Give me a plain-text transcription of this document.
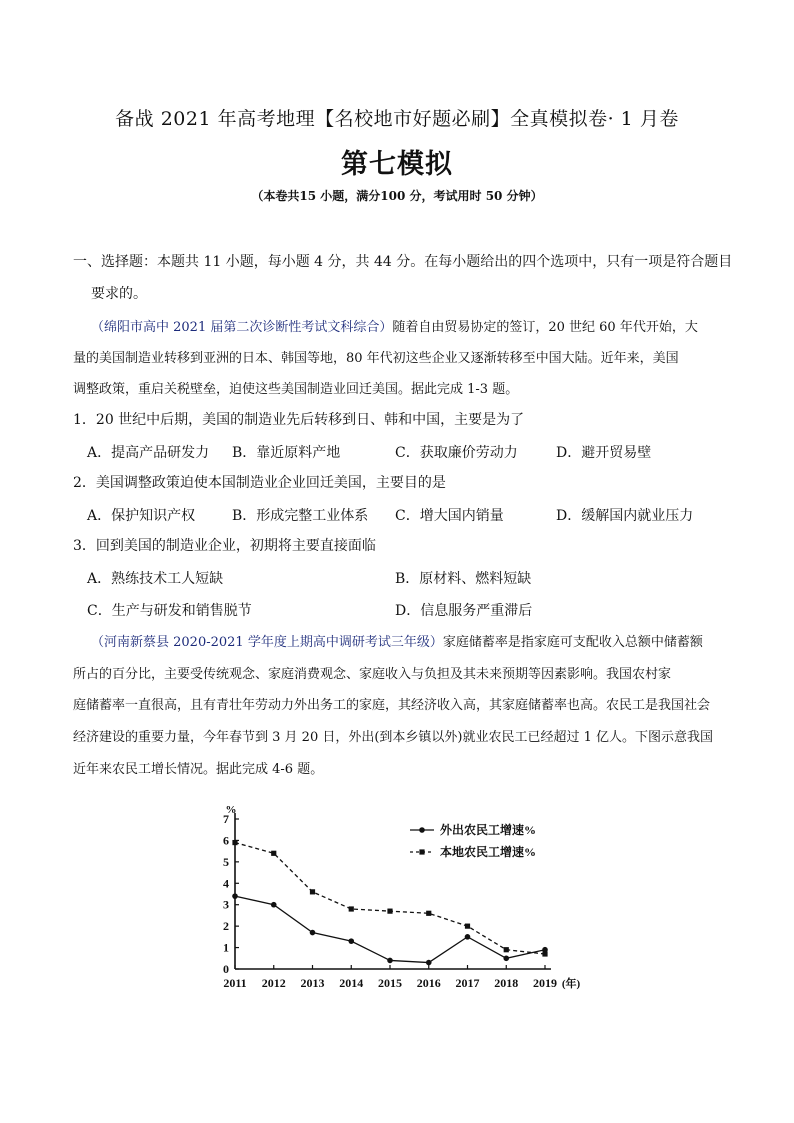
备战 2021 年高考地理【名校地市好题必刷】全真模拟卷· 1 月卷
第七模拟
（本卷共15 小题，满分100 分，考试用时 50 分钟）
一、选择题：本题共 11 小题，每小题 4 分，共 44 分。在每小题给出的四个选项中，只有一项是符合题目
要求的。
（绵阳市高中 2021 届第二次诊断性考试文科综合）随着自由贸易协定的签订，20 世纪 60 年代开始，大
量的美国制造业转移到亚洲的日本、韩国等地，80 年代初这些企业又逐渐转移至中国大陆。近年来，美国
调整政策，重启关税壁垒，迫使这些美国制造业回迁美国。据此完成 1-3 题。
1．20 世纪中后期，美国的制造业先后转移到日、韩和中国，主要是为了
A．提高产品研发力 B．靠近原料产地	C．获取廉价劳动力	D．避开贸易壁
2．美国调整政策迫使本国制造业企业回迁美国，主要目的是
A．保护知识产权	B．形成完整工业体系 C．增大国内销量	D．缓解国内就业压力
3．回到美国的制造业企业，初期将主要直接面临
A．熟练技术工人短缺	B．原材料、燃料短缺
C．生产与研发和销售脱节	D．信息服务严重滞后
（河南新蔡县 2020-2021 学年度上期高中调研考试三年级）家庭储蓄率是指家庭可支配收入总额中储蓄额
所占的百分比，主要受传统观念、家庭消费观念、家庭收入与负担及其未来预期等因素影响。我国农村家
庭储蓄率一直很高，且有青壮年劳动力外出务工的家庭，其经济收入高，其家庭储蓄率也高。农民工是我国社会
经济建设的重要力量，今年春节到 3 月 20 日，外出(到本乡镇以外)就业农民工已经超过 1 亿人。下图示意我国
近年来农民工增长情况。据此完成 4-6 题。
0
1
2
3
4
5
6
7
%
2011 2012 2013 2014 2015 2016 2017 2018 2019 (年)
外出农民工增速%
本地农民工增速%
